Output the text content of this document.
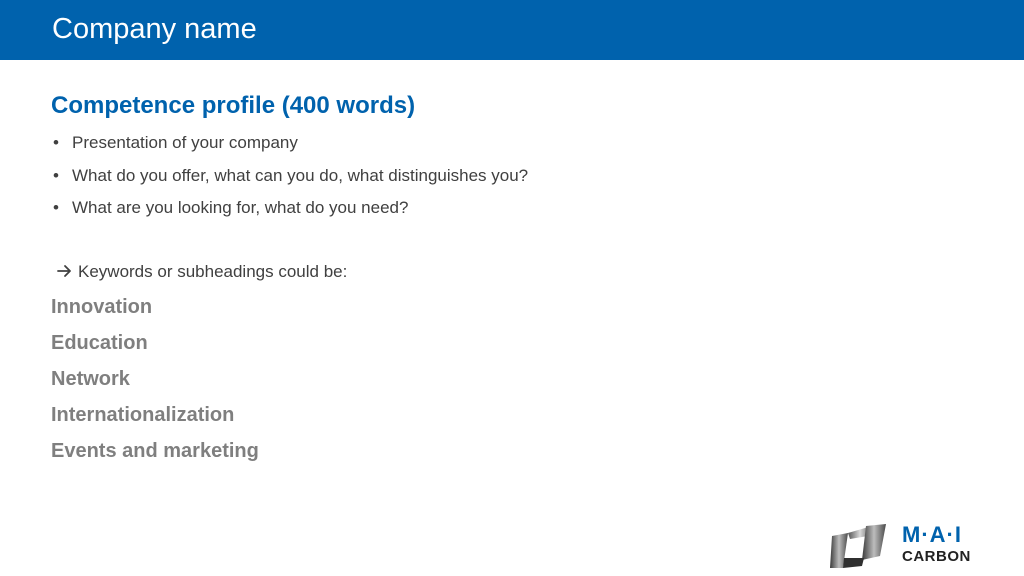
Company name
Competence profile (400 words)
• Presentation of your company
• What do you offer, what can you do, what distinguishes you?
• What are you looking for, what do you need?
Keywords or subheadings could be:
Innovation
Education
Network
Internationalization
Events and marketing
M·A·I
CARBON
